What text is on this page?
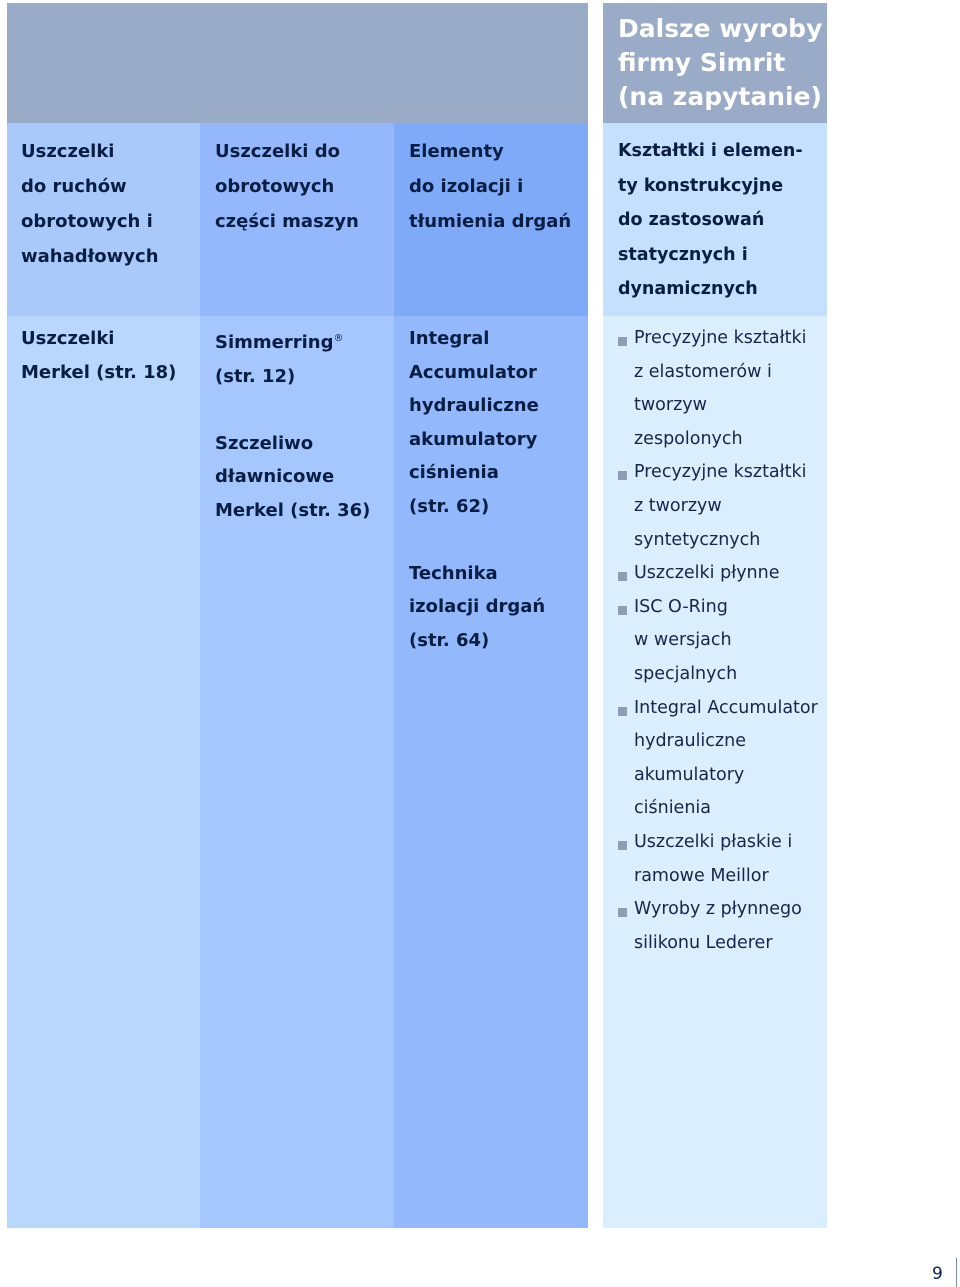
Dalsze wyroby
firmy Simrit
(na zapytanie)
Uszczelki
do ruchów
obrotowych i
wahadłowych
Uszczelki do
obrotowych
części maszyn
Elementy
do izolacji i
tłumienia drgań
Kształtki i elemen-
ty konstrukcyjne
do zastosowań
statycznych i
dynamicznych
Uszczelki
Merkel (str. 18)
Simmerring®
(str. 12)
Szczeliwo
dławnicowe
Merkel (str. 36)
Integral
Accumulator
hydrauliczne
akumulatory
ciśnienia
(str. 62)
Technika
izolacji drgań
(str. 64)
Precyzyjne kształtki
z elastomerów i
tworzyw
zespolonych
Precyzyjne kształtki
z tworzyw
syntetycznych
Uszczelki płynne
ISC O-Ring
w wersjach
specjalnych
Integral Accumulator
hydrauliczne
akumulatory
ciśnienia
Uszczelki płaskie i
ramowe Meillor
Wyroby z płynnego
silikonu Lederer
9
